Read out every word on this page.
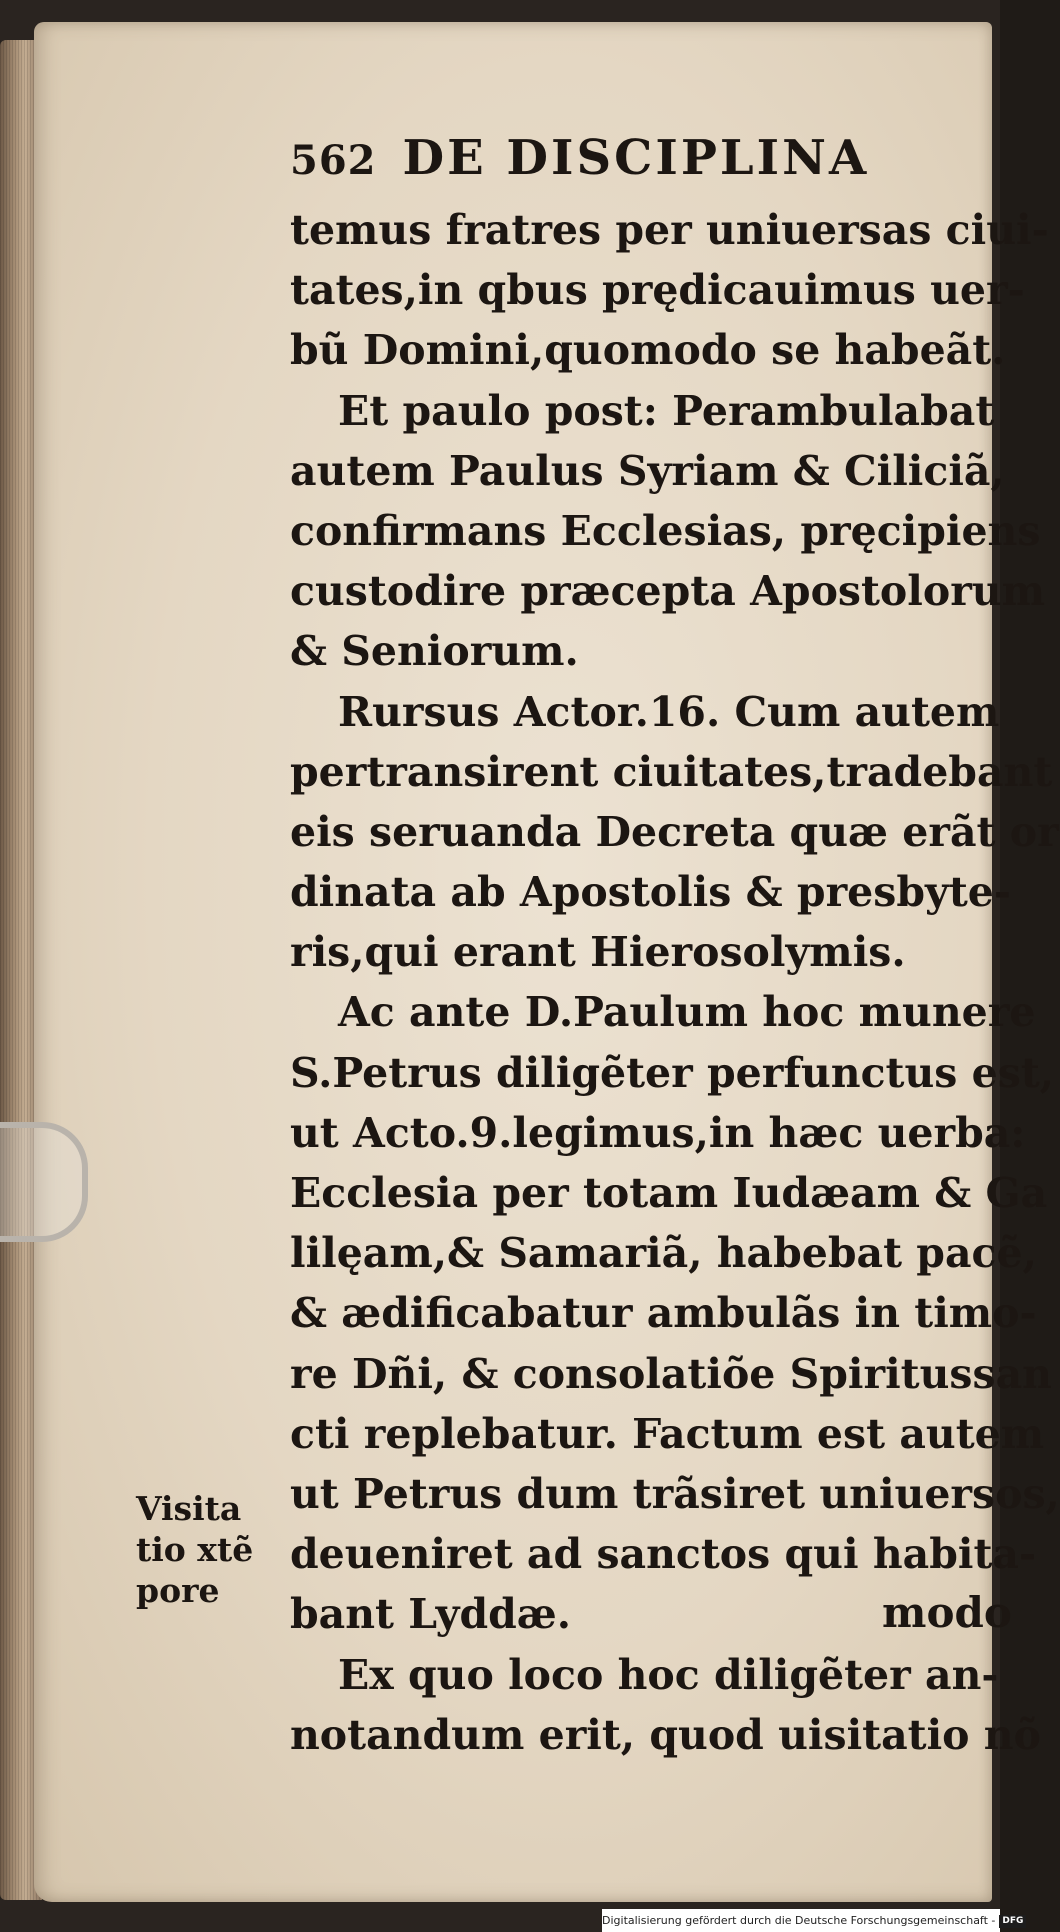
562 DE DISCIPLINA
temus fratres per uniuersas ciui-
tates,in qbus prędicauimus uer-
bũ Domini,quomodo se habeãt.
Et paulo post: Perambulabat
autem Paulus Syriam & Ciliciã,
confirmans Ecclesias, pręcipiens
custodire præcepta Apostolorum
& Seniorum.
Rursus Actor.16. Cum autem
pertransirent ciuitates,tradebant
eis seruanda Decreta quæ erãt or
dinata ab Apostolis & presbyte-
ris,qui erant Hierosolymis.
Ac ante D.Paulum hoc munere
S.Petrus diligẽter perfunctus est,
ut Acto.9.legimus,in hæc uerba:
Ecclesia per totam Iudæam & Ga
lilęam,& Samariã, habebat pacẽ,
& ædificabatur ambulãs in timo-
re Dñi, & consolatiõe Spiritussan
cti replebatur. Factum est autem
ut Petrus dum trãsiret uniuersos,
deueniret ad sanctos qui habita-
bant Lyddæ.
Ex quo loco hoc diligẽter an-
notandum erit, quod uisitatio nõ
Visita
tio xtẽ
pore	modo
Digitalisierung gefördert durch die Deutsche Forschungsgemeinschaft - DFG
